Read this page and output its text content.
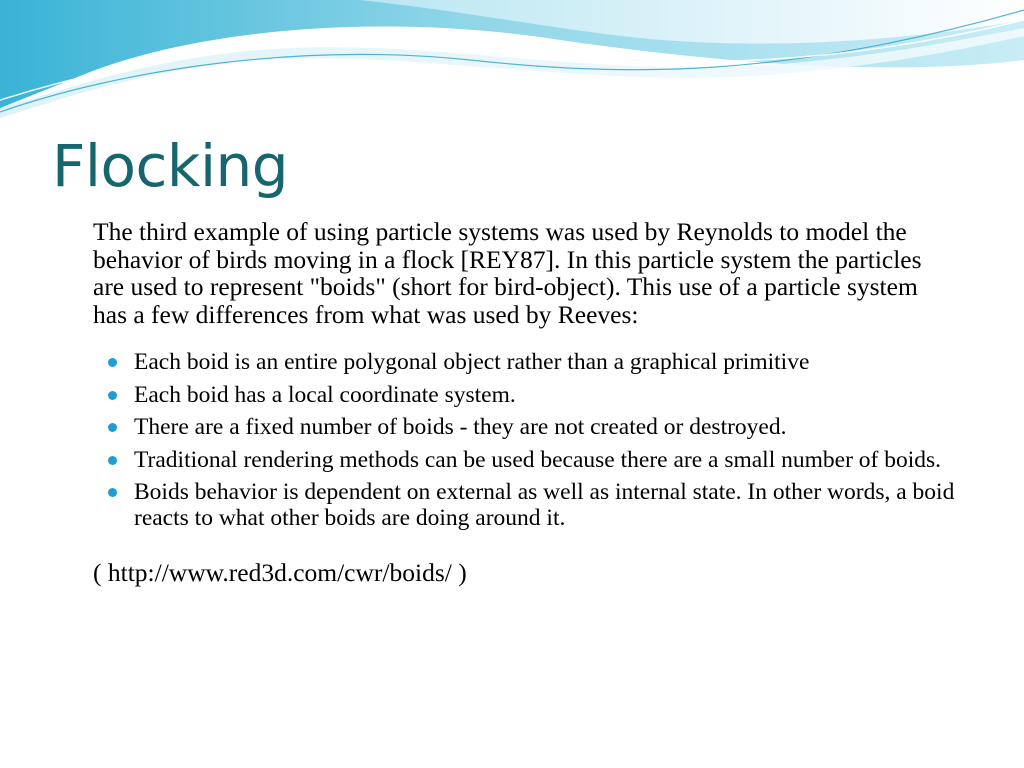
Flocking

The third example of using particle systems was used by Reynolds to model the behavior of birds moving in a flock [REY87]. In this particle system the particles are used to represent "boids" (short for bird-object). This use of a particle system has a few differences from what was used by Reeves:

Each boid is an entire polygonal object rather than a graphical primitive
Each boid has a local coordinate system.
There are a fixed number of boids - they are not created or destroyed.
Traditional rendering methods can be used because there are a small number of boids.
Boids behavior is dependent on external as well as internal state. In other words, a boid reacts to what other boids are doing around it.

( http://www.red3d.com/cwr/boids/ )
